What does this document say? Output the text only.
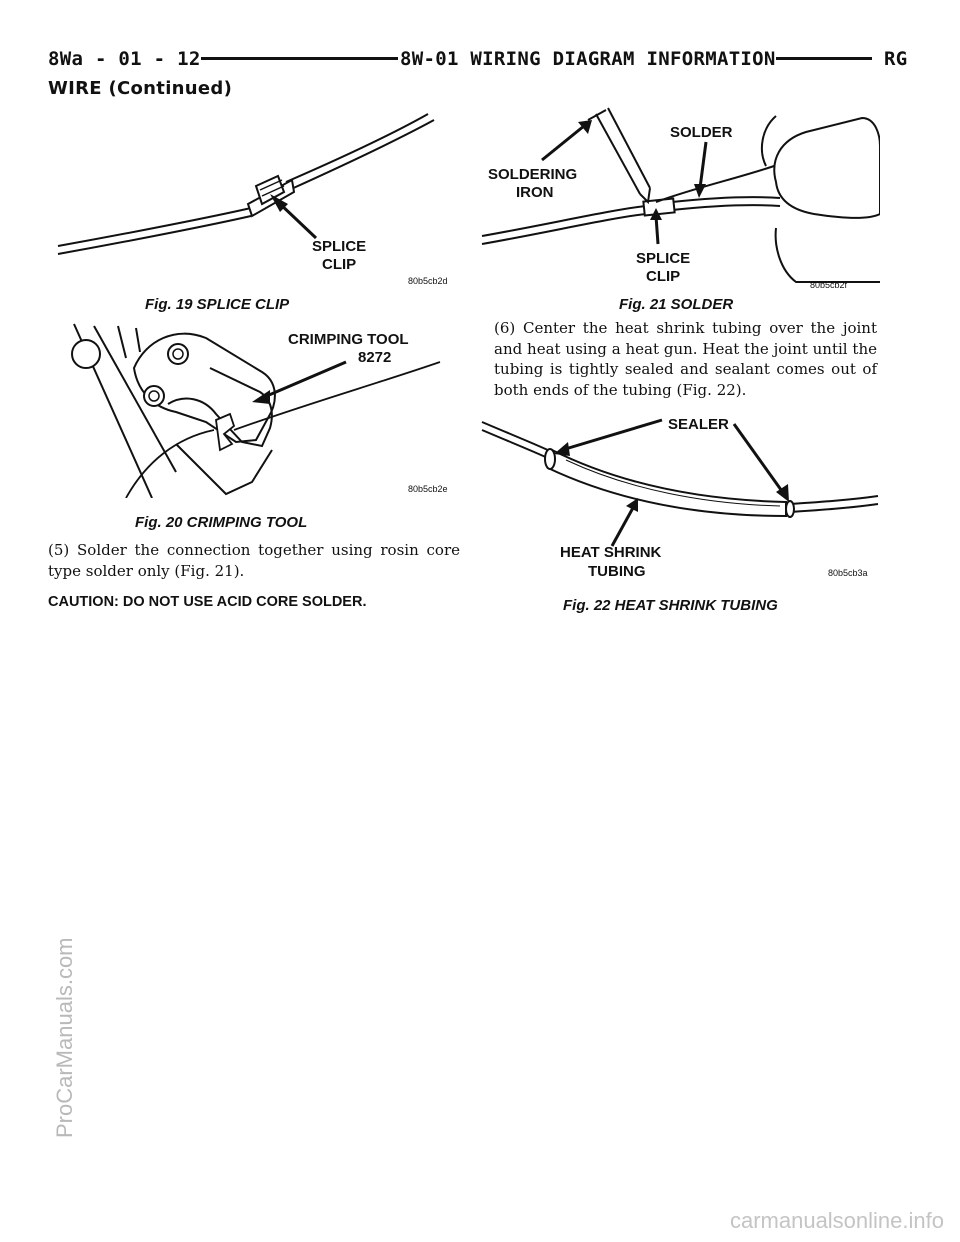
8Wa - 01 - 12	8W-01 WIRING DIAGRAM INFORMATION	RG
WIRE (Continued)
SPLICE
CLIP
80b5cb2d
Fig. 19 SPLICE CLIP
CRIMPING TOOL
8272
80b5cb2e
Fig. 20 CRIMPING TOOL

(5) Solder the connection together using rosin core type solder only (Fig. 21).

CAUTION: DO NOT USE ACID CORE SOLDER.
SOLDERING
IRON
SOLDER
SPLICE
CLIP	80b5cb2f
Fig. 21 SOLDER

(6) Center the heat shrink tubing over the joint and heat using a heat gun. Heat the joint until the tubing is tightly sealed and sealant comes out of both ends of the tubing (Fig. 22).

SEALER
HEAT SHRINK
TUBING	80b5cb3a
Fig. 22 HEAT SHRINK TUBING
ProCarManuals.com
carmanualsonline.info
